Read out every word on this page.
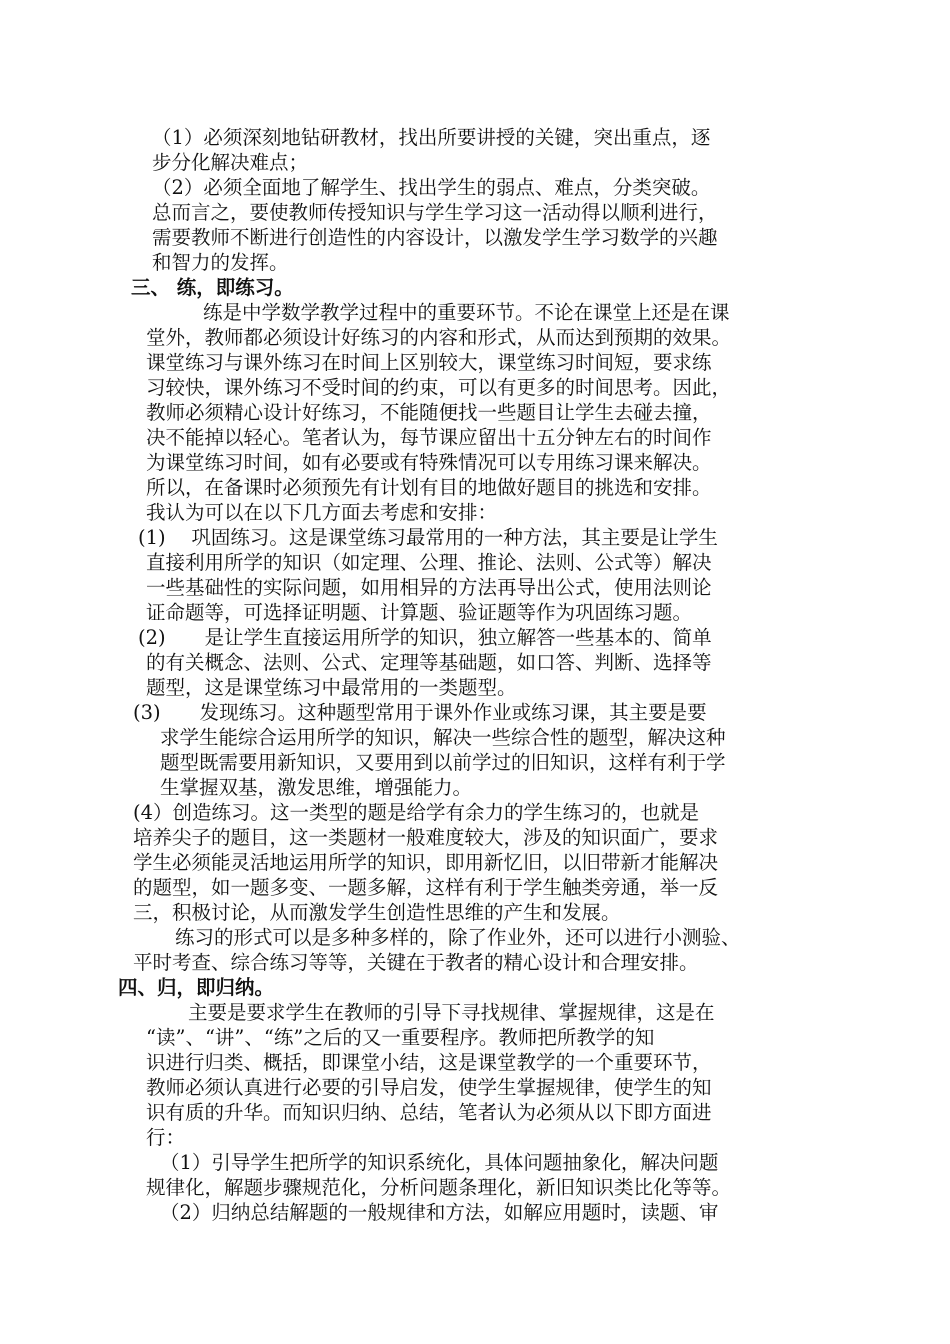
（1）必须深刻地钻研教材，找出所要讲授的关键，突出重点，逐
步分化解决难点；
（2）必须全面地了解学生、找出学生的弱点、难点，分类突破。
总而言之，要使教师传授知识与学生学习这一活动得以顺利进行，
需要教师不断进行创造性的内容设计，以激发学生学习数学的兴趣
和智力的发挥。
三、 练，即练习。
练是中学数学教学过程中的重要环节。不论在课堂上还是在课
堂外，教师都必须设计好练习的内容和形式，从而达到预期的效果。
课堂练习与课外练习在时间上区别较大，课堂练习时间短，要求练
习较快，课外练习不受时间的约束，可以有更多的时间思考。因此，
教师必须精心设计好练习，不能随便找一些题目让学生去碰去撞，
决不能掉以轻心。笔者认为，每节课应留出十五分钟左右的时间作
为课堂练习时间，如有必要或有特殊情况可以专用练习课来解决。
所以，在备课时必须预先有计划有目的地做好题目的挑选和安排。
我认为可以在以下几方面去考虑和安排：
(1)　 巩固练习。这是课堂练习最常用的一种方法，其主要是让学生
直接利用所学的知识（如定理、公理、推论、法则、公式等）解决
一些基础性的实际问题，如用相异的方法再导出公式，使用法则论
证命题等，可选择证明题、计算题、验证题等作为巩固练习题。
(2)　　是让学生直接运用所学的知识，独立解答一些基本的、简单
的有关概念、法则、公式、定理等基础题，如口答、判断、选择等
题型，这是课堂练习中最常用的一类题型。
(3)　　发现练习。这种题型常用于课外作业或练习课，其主要是要
求学生能综合运用所学的知识，解决一些综合性的题型，解决这种
题型既需要用新知识，又要用到以前学过的旧知识，这样有利于学
生掌握双基，激发思维，增强能力。
(4）创造练习。这一类型的题是给学有余力的学生练习的，也就是
培养尖子的题目，这一类题材一般难度较大，涉及的知识面广，要求
学生必须能灵活地运用所学的知识，即用新忆旧，以旧带新才能解决
的题型，如一题多变、一题多解，这样有利于学生触类旁通，举一反
三，积极讨论，从而激发学生创造性思维的产生和发展。
练习的形式可以是多种多样的，除了作业外，还可以进行小测验、
平时考查、综合练习等等，关键在于教者的精心设计和合理安排。
四、归，即归纳。
主要是要求学生在教师的引导下寻找规律、掌握规律，这是在
“读”、“讲”、“练”之后的又一重要程序。教师把所教学的知
识进行归类、概括，即课堂小结，这是课堂教学的一个重要环节，
教师必须认真进行必要的引导启发，使学生掌握规律，使学生的知
识有质的升华。而知识归纳、总结，笔者认为必须从以下即方面进
行：
（1）引导学生把所学的知识系统化，具体问题抽象化，解决问题
规律化，解题步骤规范化，分析问题条理化，新旧知识类比化等等。
（2）归纳总结解题的一般规律和方法，如解应用题时，读题、审
